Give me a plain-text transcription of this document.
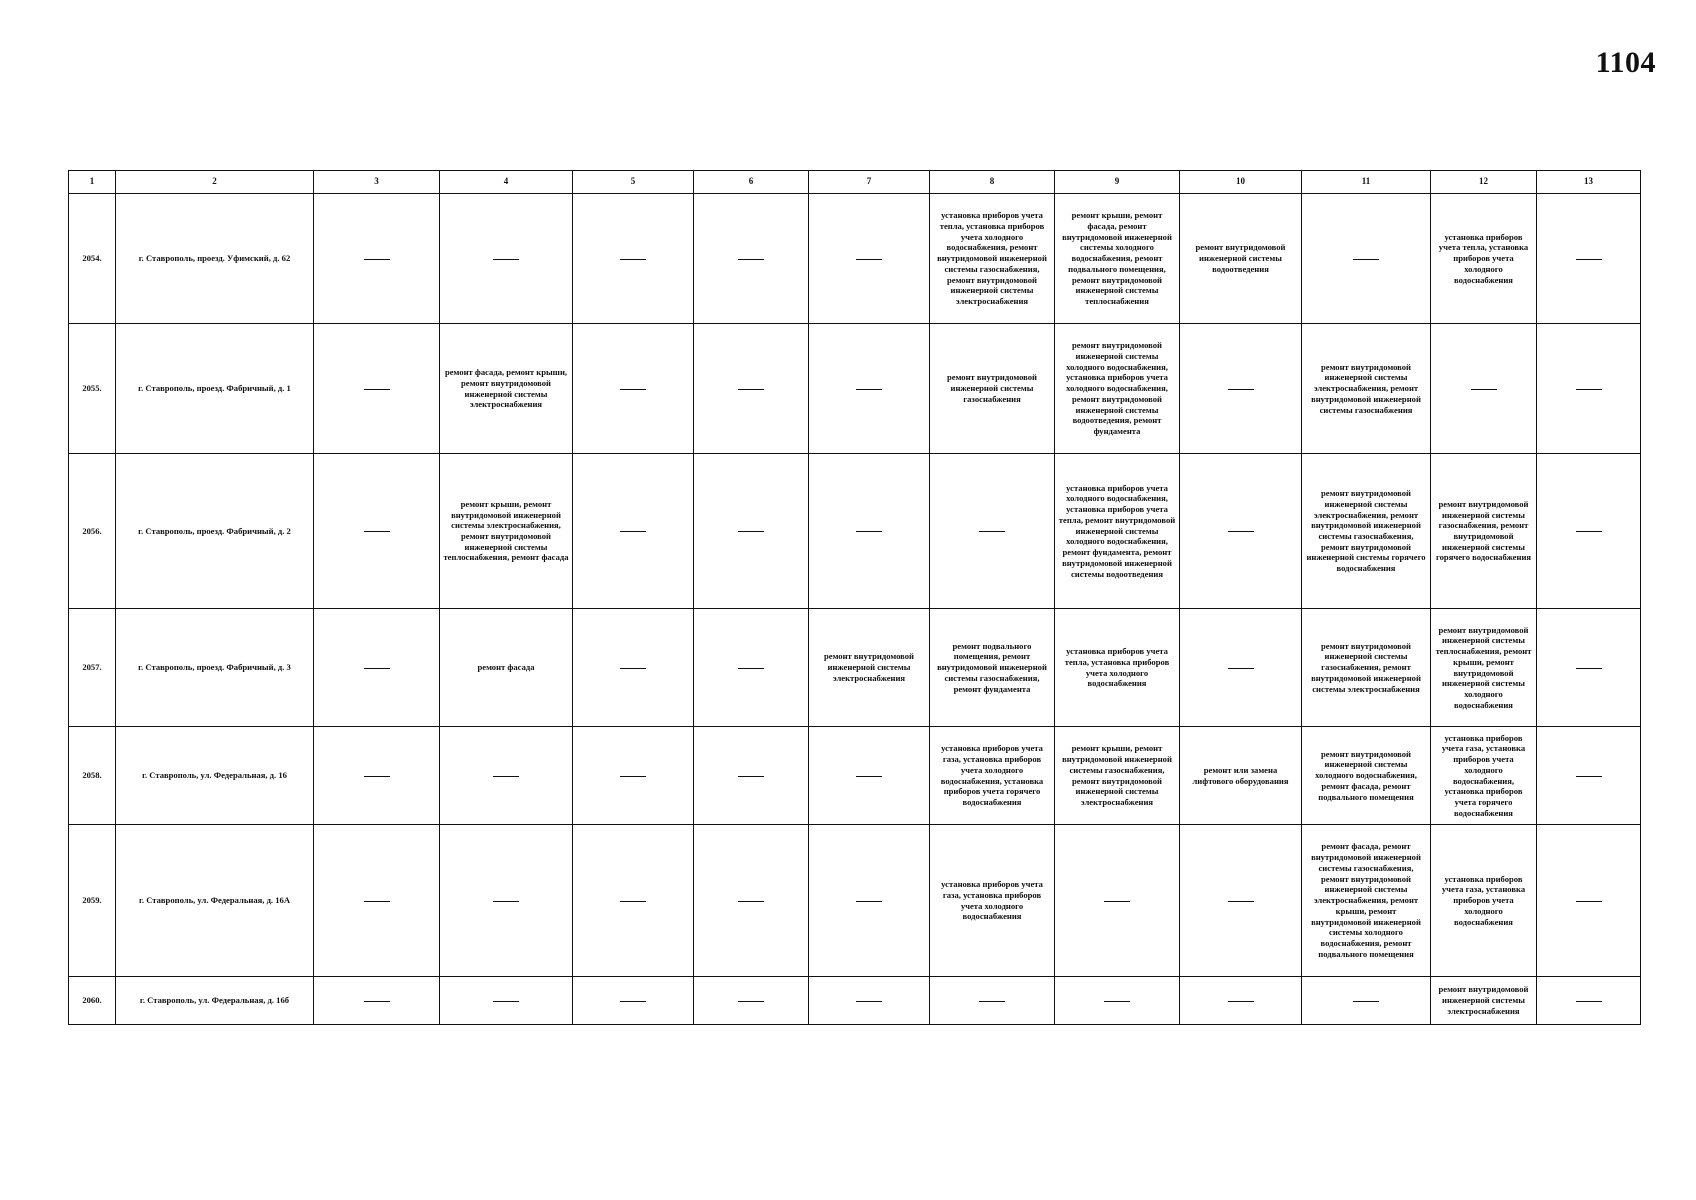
1104
1	2	3	4	5	6	7	8	9	10	11	12	13
2054.	г. Ставрополь, проезд. Уфимский, д. 62						установка приборов учета тепла, установка приборов учета холодного водоснабжения, ремонт внутридомовой инженерной системы газоснабжения, ремонт внутридомовой инженерной системы электроснабжения	ремонт крыши, ремонт фасада, ремонт внутридомовой инженерной системы холодного водоснабжения, ремонт подвального помещения, ремонт внутридомовой инженерной системы теплоснабжения	ремонт внутридомовой инженерной системы водоотведения		установка приборов учета тепла, установка приборов учета холодного водоснабжения	

2055.	г. Ставрополь, проезд. Фабричный, д. 1		ремонт фасада, ремонт крыши, ремонт внутридомовой инженерной системы электроснабжения				ремонт внутридомовой инженерной системы газоснабжения	ремонт внутридомовой инженерной системы холодного водоснабжения, установка приборов учета холодного водоснабжения, ремонт внутридомовой инженерной системы водоотведения, ремонт фундамента		ремонт внутридомовой инженерной системы электроснабжения, ремонт внутридомовой инженерной системы газоснабжения		

2056.	г. Ставрополь, проезд. Фабричный, д. 2		ремонт крыши, ремонт внутридомовой инженерной системы электроснабжения, ремонт внутридомовой инженерной системы теплоснабжения, ремонт фасада					установка приборов учета холодного водоснабжения, установка приборов учета тепла, ремонт внутридомовой инженерной системы холодного водоснабжения, ремонт фундамента, ремонт внутридомовой инженерной системы водоотведения		ремонт внутридомовой инженерной системы электроснабжения, ремонт внутридомовой инженерной системы газоснабжения, ремонт внутридомовой инженерной системы горячего водоснабжения	ремонт внутридомовой инженерной системы газоснабжения, ремонт внутридомовой инженерной системы горячего водоснабжения	

2057.	г. Ставрополь, проезд. Фабричный, д. 3		ремонт фасада			ремонт внутридомовой инженерной системы электроснабжения	ремонт подвального помещения, ремонт внутридомовой инженерной системы газоснабжения, ремонт фундамента	установка приборов учета тепла, установка приборов учета холодного водоснабжения		ремонт внутридомовой инженерной системы газоснабжения, ремонт внутридомовой инженерной системы электроснабжения	ремонт внутридомовой инженерной системы теплоснабжения, ремонт крыши, ремонт внутридомовой инженерной системы холодного водоснабжения	

2058.	г. Ставрополь, ул. Федеральная, д. 16						установка приборов учета газа, установка приборов учета холодного водоснабжения, установка приборов учета горячего водоснабжения	ремонт крыши, ремонт внутридомовой инженерной системы газоснабжения, ремонт внутридомовой инженерной системы электроснабжения	ремонт или замена лифтового оборудования	ремонт внутридомовой инженерной системы холодного водоснабжения, ремонт фасада, ремонт подвального помещения	установка приборов учета газа, установка приборов учета холодного водоснабжения, установка приборов учета горячего водоснабжения	

2059.	г. Ставрополь, ул. Федеральная, д. 16А						установка приборов учета газа, установка приборов учета холодного водоснабжения			ремонт фасада, ремонт внутридомовой инженерной системы газоснабжения, ремонт внутридомовой инженерной системы электроснабжения, ремонт крыши, ремонт внутридомовой инженерной системы холодного водоснабжения, ремонт подвального помещения	установка приборов учета газа, установка приборов учета холодного водоснабжения	

2060.	г. Ставрополь, ул. Федеральная, д. 16б										ремонт внутридомовой инженерной системы электроснабжения	
